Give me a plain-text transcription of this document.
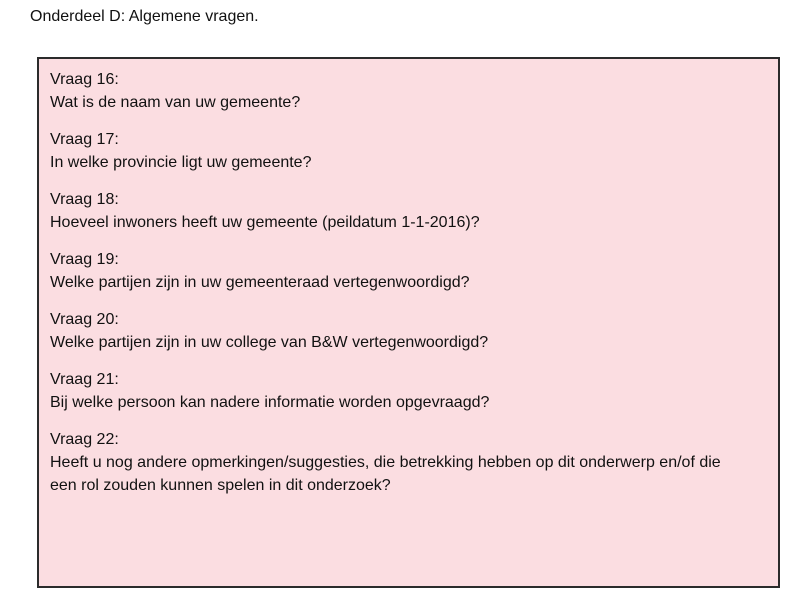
Onderdeel D: Algemene vragen.
Vraag 16:
Wat is de naam van uw gemeente?
Vraag 17:
In welke provincie ligt uw gemeente?
Vraag 18:
Hoeveel inwoners heeft uw gemeente (peildatum 1-1-2016)?
Vraag 19:
Welke partijen zijn in uw gemeenteraad vertegenwoordigd?
Vraag 20:
Welke partijen zijn in uw college van B&W vertegenwoordigd?
Vraag 21:
Bij welke persoon kan nadere informatie worden opgevraagd?
Vraag 22:
Heeft u nog andere opmerkingen/suggesties, die betrekking hebben op dit onderwerp en/of die een rol zouden kunnen spelen in dit onderzoek?
